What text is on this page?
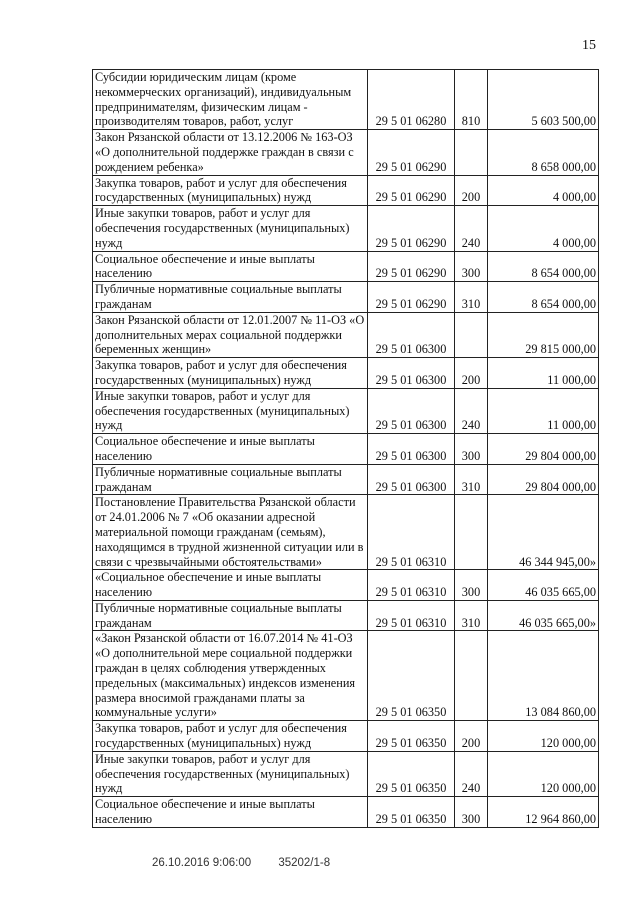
15
Субсидии юридическим лицам (кроме некоммерческих организаций), индивидуальным предпринимателям, физическим лицам - производителям товаров, работ, услуг	29 5 01 06280	810	5 603 500,00
Закон Рязанской области от 13.12.2006 № 163-ОЗ «О дополнительной поддержке граждан в связи с рождением ребенка»	29 5 01 06290		8 658 000,00
Закупка товаров, работ и услуг для обеспечения государственных (муниципальных) нужд	29 5 01 06290	200	4 000,00
Иные закупки товаров, работ и услуг для обеспечения государственных (муниципальных) нужд	29 5 01 06290	240	4 000,00
Социальное обеспечение и иные выплаты населению	29 5 01 06290	300	8 654 000,00
Публичные нормативные социальные выплаты гражданам	29 5 01 06290	310	8 654 000,00
Закон Рязанской области от 12.01.2007 № 11-ОЗ «О дополнительных мерах социальной поддержки беременных женщин»	29 5 01 06300		29 815 000,00
Закупка товаров, работ и услуг для обеспечения государственных (муниципальных) нужд	29 5 01 06300	200	11 000,00
Иные закупки товаров, работ и услуг для обеспечения государственных (муниципальных) нужд	29 5 01 06300	240	11 000,00
Социальное обеспечение и иные выплаты населению	29 5 01 06300	300	29 804 000,00
Публичные нормативные социальные выплаты гражданам	29 5 01 06300	310	29 804 000,00
Постановление Правительства Рязанской области от 24.01.2006 № 7 «Об оказании адресной материальной помощи гражданам (семьям), находящимся в трудной жизненной ситуации или в связи с чрезвычайными обстоятельствами»	29 5 01 06310		46 344 945,00»
«Социальное обеспечение и иные выплаты населению	29 5 01 06310	300	46 035 665,00
Публичные нормативные социальные выплаты гражданам	29 5 01 06310	310	46 035 665,00»
«Закон Рязанской области от 16.07.2014 № 41-ОЗ «О дополнительной мере социальной поддержки граждан в целях соблюдения утвержденных предельных (максимальных) индексов изменения размера вносимой гражданами платы за коммунальные услуги»	29 5 01 06350		13 084 860,00
Закупка товаров, работ и услуг для обеспечения государственных (муниципальных) нужд	29 5 01 06350	200	120 000,00
Иные закупки товаров, работ и услуг для обеспечения государственных (муниципальных) нужд	29 5 01 06350	240	120 000,00
Социальное обеспечение и иные выплаты населению	29 5 01 06350	300	12 964 860,00
26.10.2016 9:06:00 35202/1-8
